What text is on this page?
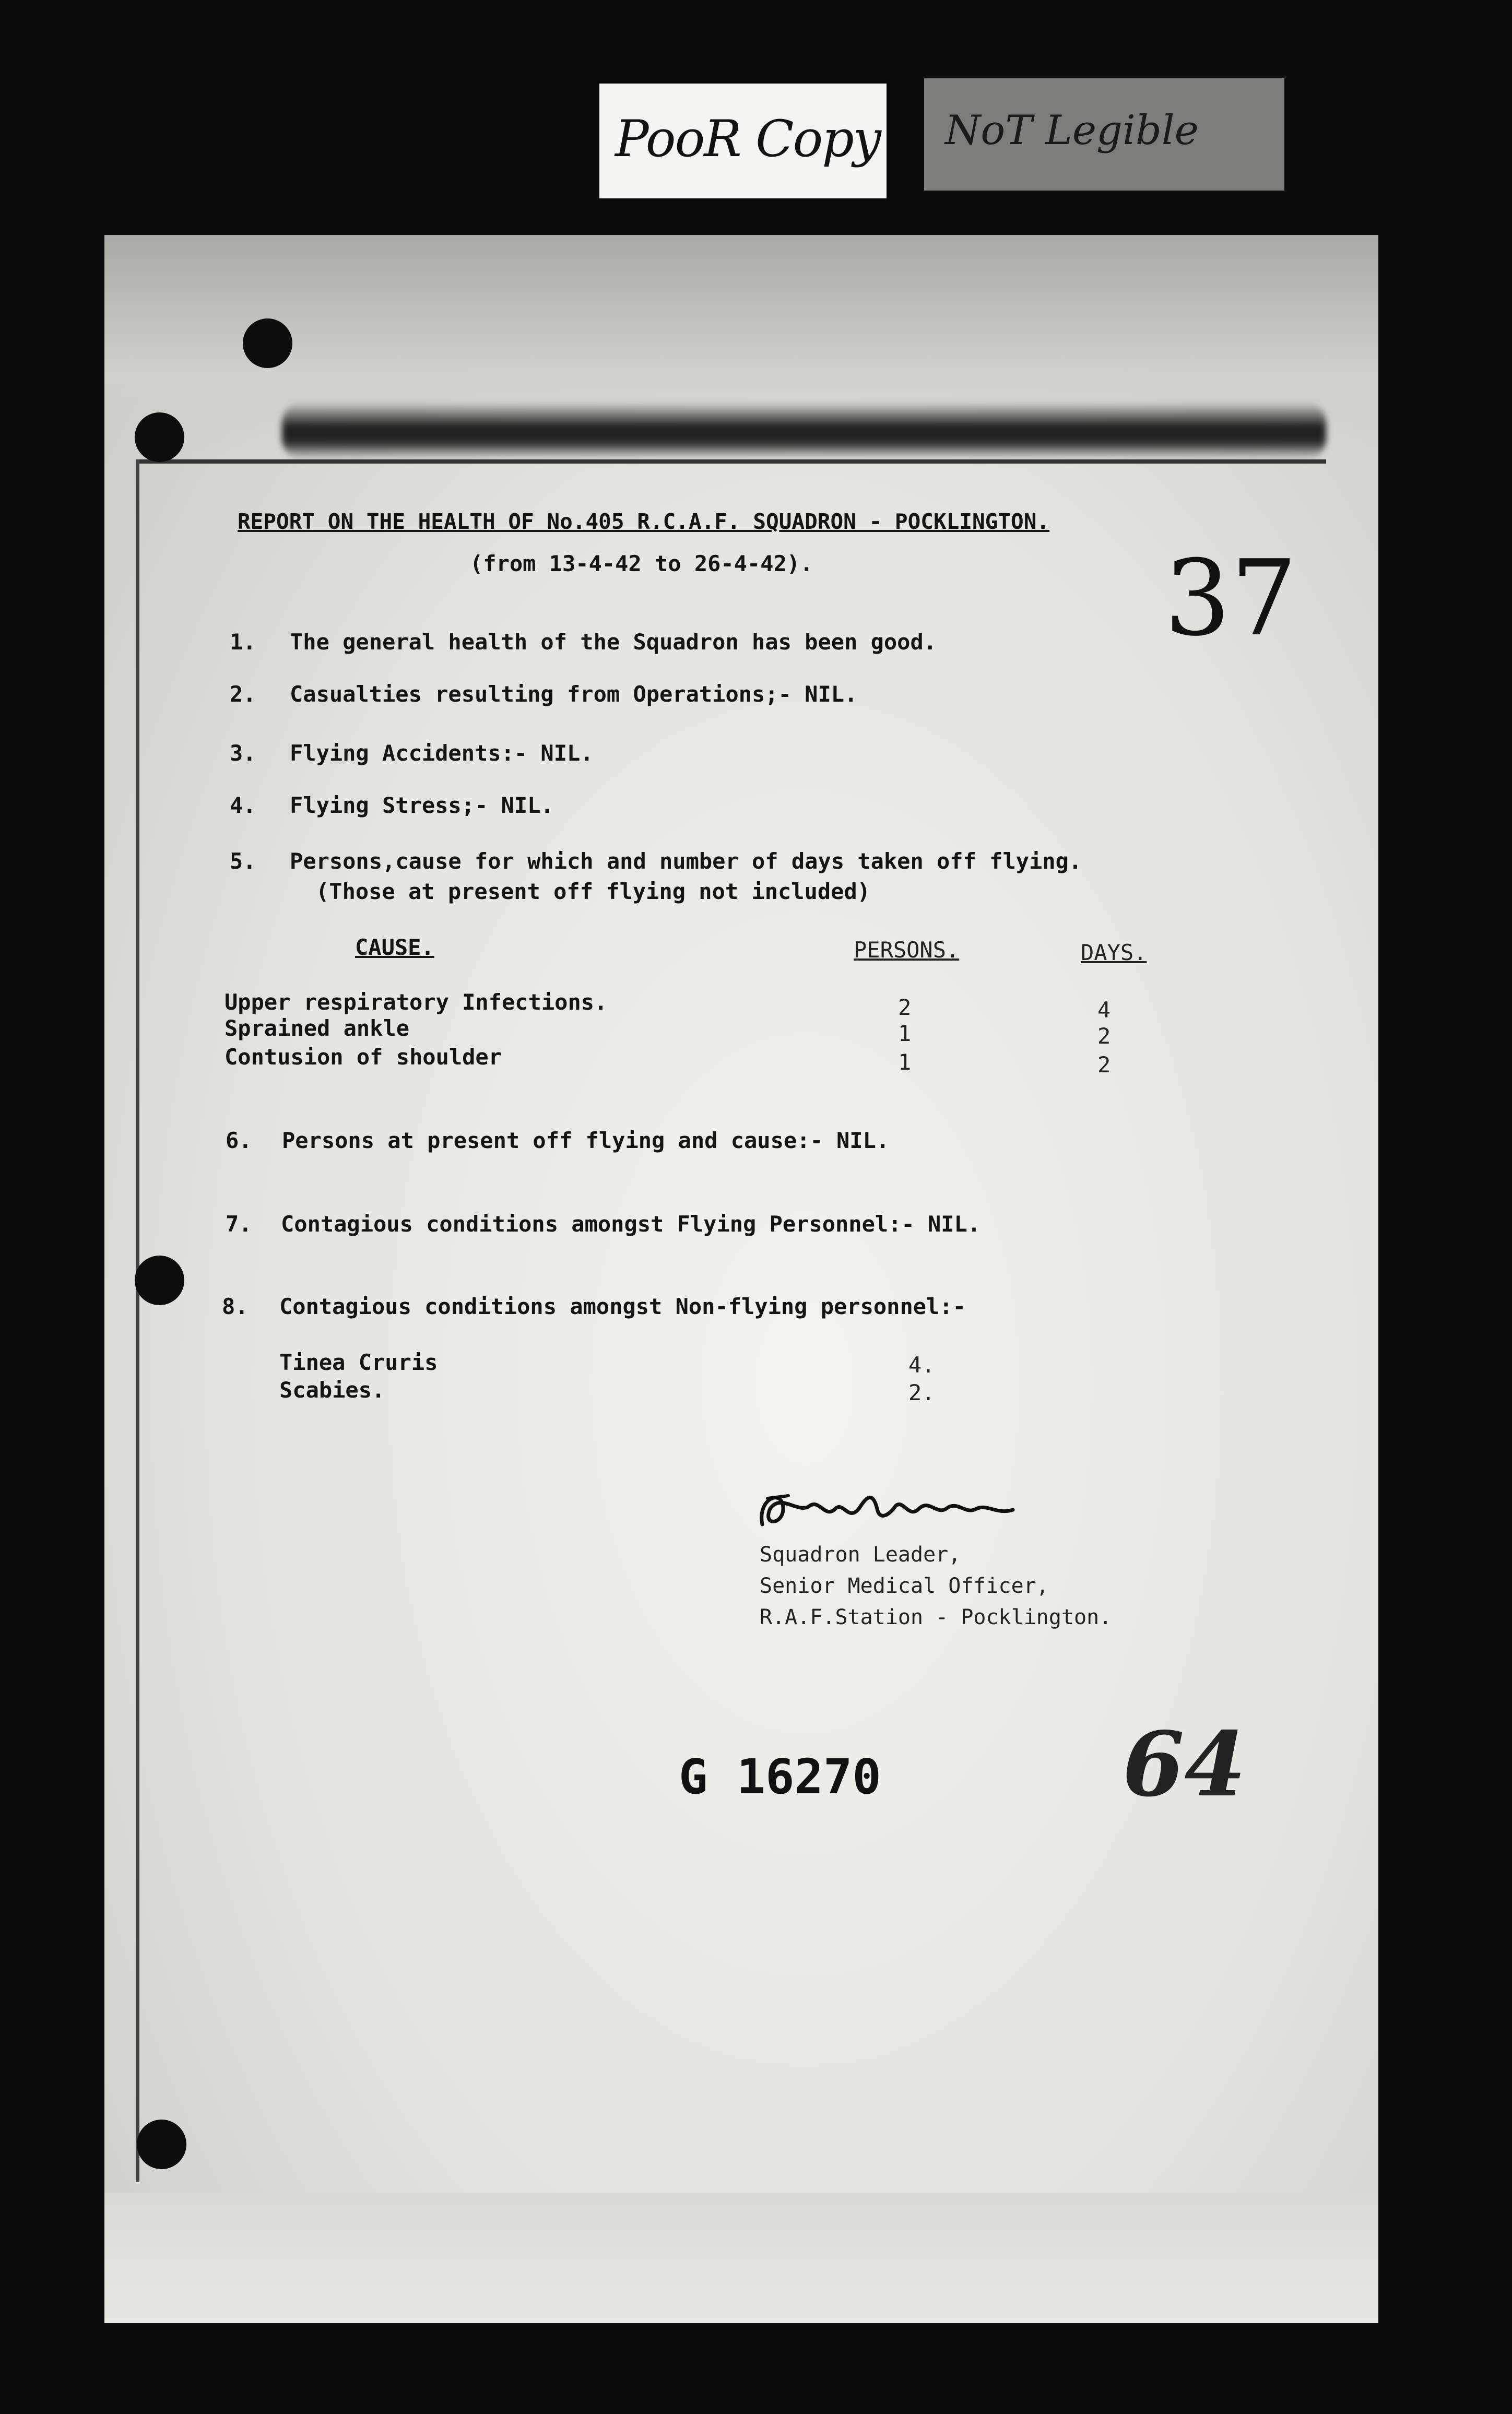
PooR Copy NoT Legible
37
REPORT ON THE HEALTH OF No.405 R.C.A.F. SQUADRON - POCKLINGTON.
(from 13-4-42 to 26-4-42).
1. The general health of the Squadron has been good.
2. Casualties resulting from Operations;- NIL.
3. Flying Accidents:- NIL.
4. Flying Stress;- NIL.
5. Persons,cause for which and number of days taken off flying.
(Those at present off flying not included)
CAUSE.	PERSONS.	DAYS.
Upper respiratory Infections.	2	4
Sprained ankle	1	2
Contusion of shoulder	1	2
6. Persons at present off flying and cause:- NIL.
7. Contagious conditions amongst Flying Personnel:- NIL.
8. Contagious conditions amongst Non-flying personnel:-
Tinea Cruris	4.
Scabies.	2.
Squadron Leader,
Senior Medical Officer,
R.A.F.Station - Pocklington.
G 16270	64
